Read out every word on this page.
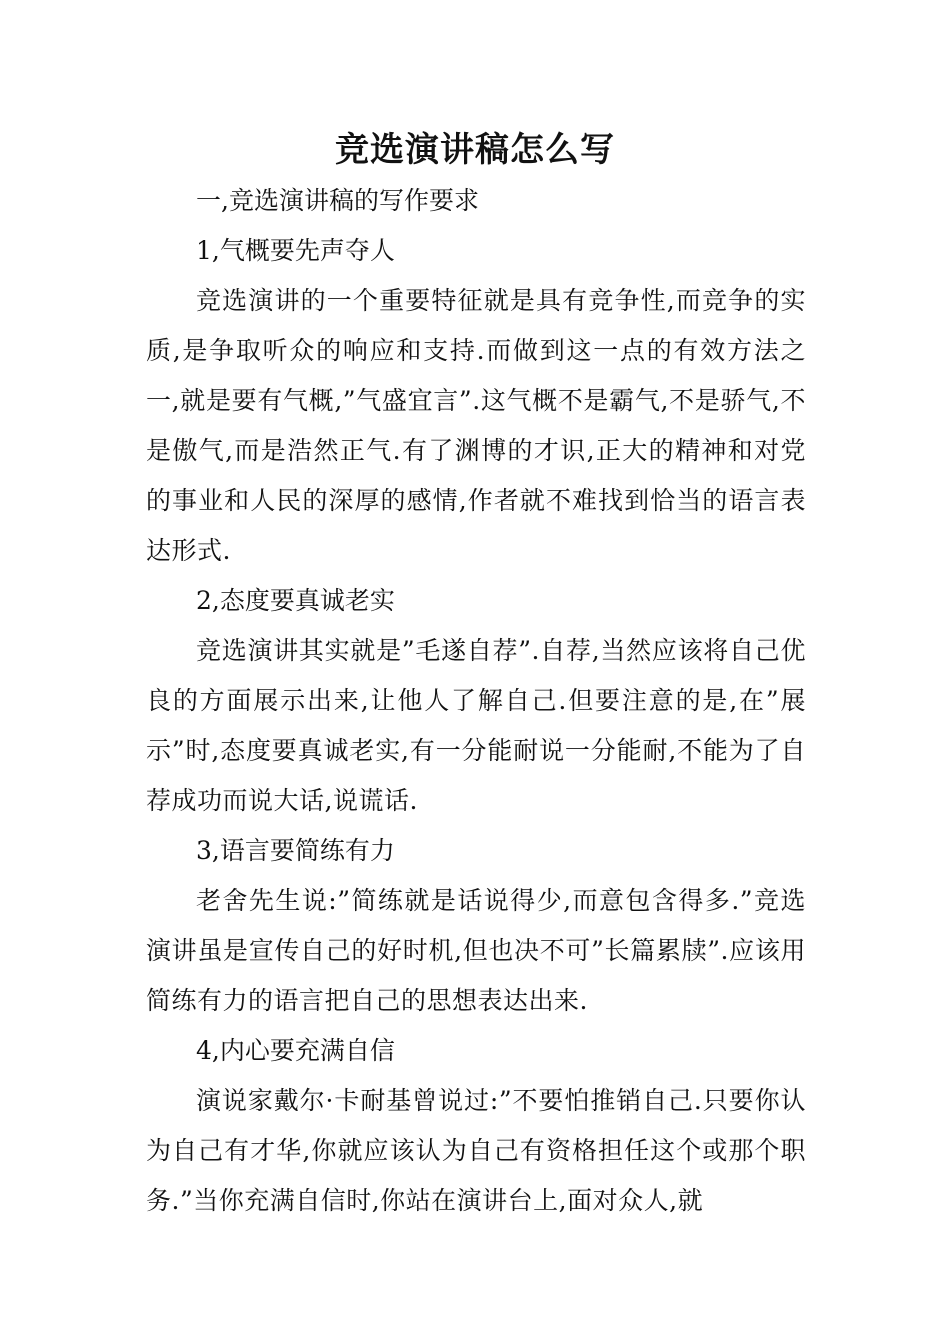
竞选演讲稿怎么写

一,竞选演讲稿的写作要求

1,气概要先声夺人

竞选演讲的一个重要特征就是具有竞争性,而竞争的实质,是争取听众的响应和支持.而做到这一点的有效方法之一,就是要有气概,”气盛宜言”.这气概不是霸气,不是骄气,不是傲气,而是浩然正气.有了渊博的才识,正大的精神和对党的事业和人民的深厚的感情,作者就不难找到恰当的语言表达形式.

2,态度要真诚老实

竞选演讲其实就是”毛遂自荐”.自荐,当然应该将自己优良的方面展示出来,让他人了解自己.但要注意的是,在”展示”时,态度要真诚老实,有一分能耐说一分能耐,不能为了自荐成功而说大话,说谎话.

3,语言要简练有力

老舍先生说:”简练就是话说得少,而意包含得多.”竞选演讲虽是宣传自己的好时机,但也决不可”长篇累牍”.应该用简练有力的语言把自己的思想表达出来.

4,内心要充满自信

演说家戴尔·卡耐基曾说过:”不要怕推销自己.只要你认为自己有才华,你就应该认为自己有资格担任这个或那个职务.”当你充满自信时,你站在演讲台上,面对众人,就
